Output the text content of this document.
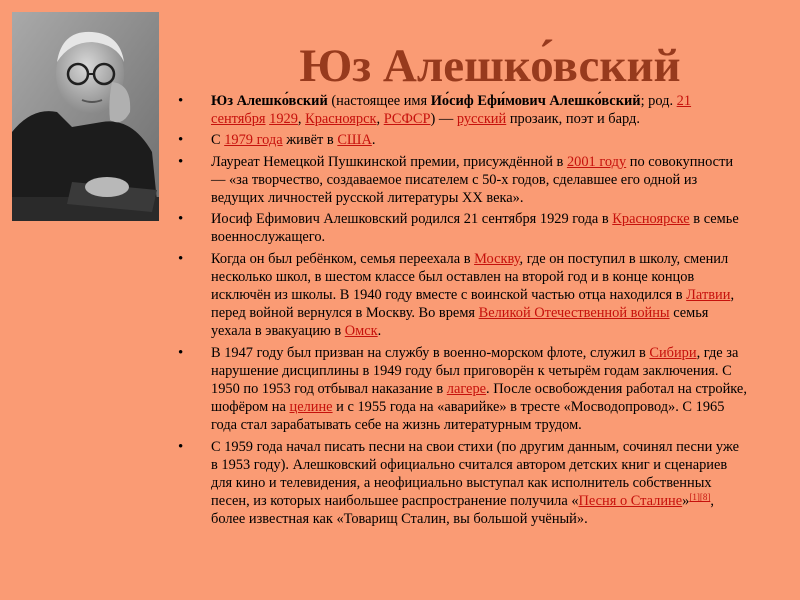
Юз Алешко́вский
• Юз Алешко́вский (настоящее имя Ио́сиф Ефи́мович Алешко́вский; род. 21 сентября 1929, Красноярск, РСФСР) — русский прозаик, поэт и бард.
• С 1979 года живёт в США.
• Лауреат Немецкой Пушкинской премии, присуждённой в 2001 году по совокупности — «за творчество, создаваемое писателем с 50-х годов, сделавшее его одной из ведущих личностей русской литературы XX века».
• Иосиф Ефимович Алешковский родился 21 сентября 1929 года в Красноярске в семье военнослужащего.
• Когда он был ребёнком, семья переехала в Москву, где он поступил в школу, сменил несколько школ, в шестом классе был оставлен на второй год и в конце концов исключён из школы. В 1940 году вместе с воинской частью отца находился в Латвии, перед войной вернулся в Москву. Во время Великой Отечественной войны семья уехала в эвакуацию в Омск.
• В 1947 году был призван на службу в военно-морском флоте, служил в Сибири, где за нарушение дисциплины в 1949 году был приговорён к четырём годам заключения. С 1950 по 1953 год отбывал наказание в лагере. После освобождения работал на стройке, шофёром на целине и с 1955 года на «аварийке» в тресте «Мосводопровод». С 1965 года стал зарабатывать себе на жизнь литературным трудом.
• С 1959 года начал писать песни на свои стихи (по другим данным, сочинял песни уже в 1953 году). Алешковский официально считался автором детских книг и сценариев для кино и телевидения, а неофициально выступал как исполнитель собственных песен, из которых наибольшее распространение получила «Песня о Сталине»[1][8], более известная как «Товарищ Сталин, вы большой учёный».
